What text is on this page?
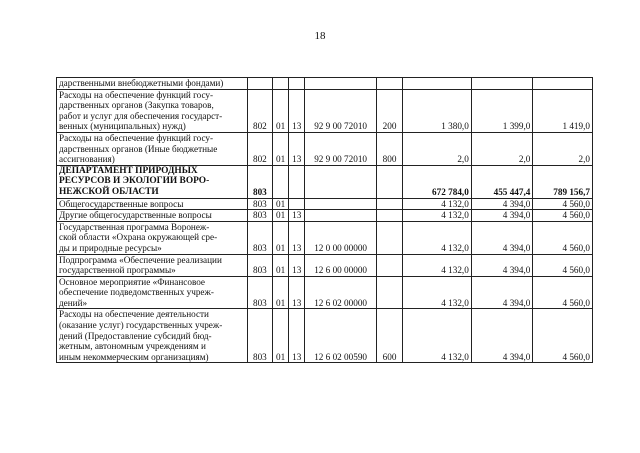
18
дарственными внебюджетными фондами)								

Расходы на обеспечение функций госу-
дарственных органов (Закупка товаров,
работ и услуг для обеспечения государст-
венных (муниципальных) нужд)	802	01	13	92 9 00 72010	200	1 380,0	1 399,0	1 419,0

Расходы на обеспечение функций госу-
дарственных органов (Иные бюджетные
ассигнования)	802	01	13	92 9 00 72010	800	2,0	2,0	2,0

ДЕПАРТАМЕНТ ПРИРОДНЫХ
РЕСУРСОВ И ЭКОЛОГИИ ВОРО-
НЕЖСКОЙ ОБЛАСТИ	803					672 784,0	455 447,4	789 156,7

Общегосударственные вопросы	803	01				4 132,0	4 394,0	4 560,0

Другие общегосударственные вопросы	803	01	13			4 132,0	4 394,0	4 560,0

Государственная программа Воронеж-
ской области «Охрана окружающей сре-
ды и природные ресурсы»	803	01	13	12 0 00 00000		4 132,0	4 394,0	4 560,0

Подпрограмма «Обеспечение реализации
государственной программы»	803	01	13	12 6 00 00000		4 132,0	4 394,0	4 560,0

Основное мероприятие «Финансовое
обеспечение подведомственных учреж-
дений»	803	01	13	12 6 02 00000		4 132,0	4 394,0	4 560,0

Расходы на обеспечение деятельности
(оказание услуг) государственных учреж-
дений (Предоставление субсидий бюд-
жетным, автономным учреждениям и
иным некоммерческим организациям)	803	01	13	12 6 02 00590	600	4 132,0	4 394,0	4 560,0
